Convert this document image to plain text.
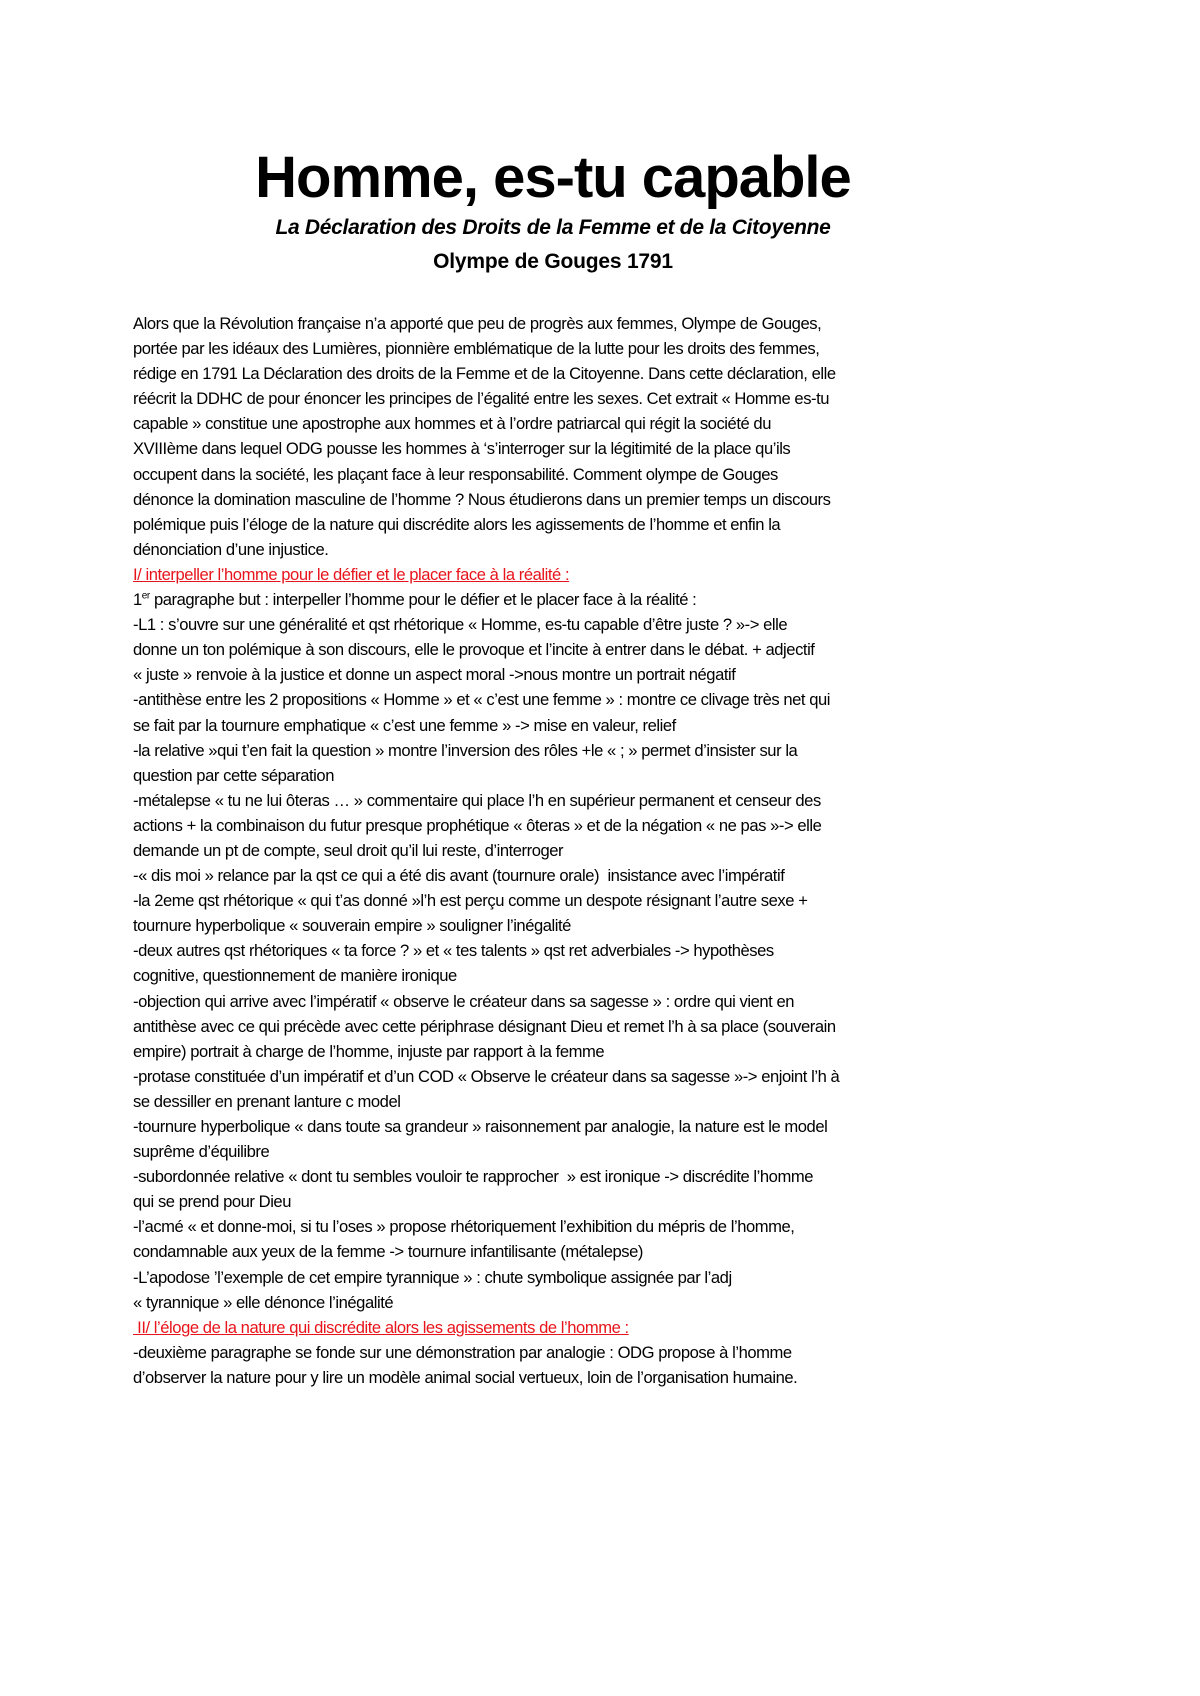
Homme, es-tu capable
La Déclaration des Droits de la Femme et de la Citoyenne
Olympe de Gouges 1791
Alors que la Révolution française n’a apporté que peu de progrès aux femmes, Olympe de Gouges,
portée par les idéaux des Lumières, pionnière emblématique de la lutte pour les droits des femmes,
rédige en 1791 La Déclaration des droits de la Femme et de la Citoyenne. Dans cette déclaration, elle
réécrit la DDHC de pour énoncer les principes de l’égalité entre les sexes. Cet extrait « Homme es-tu
capable » constitue une apostrophe aux hommes et à l’ordre patriarcal qui régit la société du
XVIIIème dans lequel ODG pousse les hommes à ‘s’interroger sur la légitimité de la place qu’ils
occupent dans la société, les plaçant face à leur responsabilité. Comment olympe de Gouges
dénonce la domination masculine de l’homme ? Nous étudierons dans un premier temps un discours
polémique puis l’éloge de la nature qui discrédite alors les agissements de l’homme et enfin la
dénonciation d’une injustice.
I/ interpeller l’homme pour le défier et le placer face à la réalité :
1er paragraphe but : interpeller l’homme pour le défier et le placer face à la réalité :
-L1 : s’ouvre sur une généralité et qst rhétorique « Homme, es-tu capable d’être juste ? »-> elle
donne un ton polémique à son discours, elle le provoque et l’incite à entrer dans le débat. + adjectif
« juste » renvoie à la justice et donne un aspect moral ->nous montre un portrait négatif
-antithèse entre les 2 propositions « Homme » et « c’est une femme » : montre ce clivage très net qui
se fait par la tournure emphatique « c’est une femme » -> mise en valeur, relief
-la relative »qui t’en fait la question » montre l’inversion des rôles +le « ; » permet d’insister sur la
question par cette séparation
-métalepse « tu ne lui ôteras … » commentaire qui place l’h en supérieur permanent et censeur des
actions + la combinaison du futur presque prophétique « ôteras » et de la négation « ne pas »-> elle
demande un pt de compte, seul droit qu’il lui reste, d’interroger
-« dis moi » relance par la qst ce qui a été dis avant (tournure orale)  insistance avec l’impératif
-la 2eme qst rhétorique « qui t’as donné »l’h est perçu comme un despote résignant l’autre sexe +
tournure hyperbolique « souverain empire » souligner l’inégalité
-deux autres qst rhétoriques « ta force ? » et « tes talents » qst ret adverbiales -> hypothèses
cognitive, questionnement de manière ironique
-objection qui arrive avec l’impératif « observe le créateur dans sa sagesse » : ordre qui vient en
antithèse avec ce qui précède avec cette périphrase désignant Dieu et remet l’h à sa place (souverain
empire) portrait à charge de l’homme, injuste par rapport à la femme
-protase constituée d’un impératif et d’un COD « Observe le créateur dans sa sagesse »-> enjoint l’h à
se dessiller en prenant lanture c model
-tournure hyperbolique « dans toute sa grandeur » raisonnement par analogie, la nature est le model
suprême d’équilibre
-subordonnée relative « dont tu sembles vouloir te rapprocher  » est ironique -> discrédite l’homme
qui se prend pour Dieu
-l’acmé « et donne-moi, si tu l’oses » propose rhétoriquement l’exhibition du mépris de l’homme,
condamnable aux yeux de la femme -> tournure infantilisante (métalepse)
-L’apodose ’l’exemple de cet empire tyrannique » : chute symbolique assignée par l’adj
« tyrannique » elle dénonce l’inégalité
II/ l’éloge de la nature qui discrédite alors les agissements de l’homme :
-deuxième paragraphe se fonde sur une démonstration par analogie : ODG propose à l’homme
d’observer la nature pour y lire un modèle animal social vertueux, loin de l’organisation humaine.
